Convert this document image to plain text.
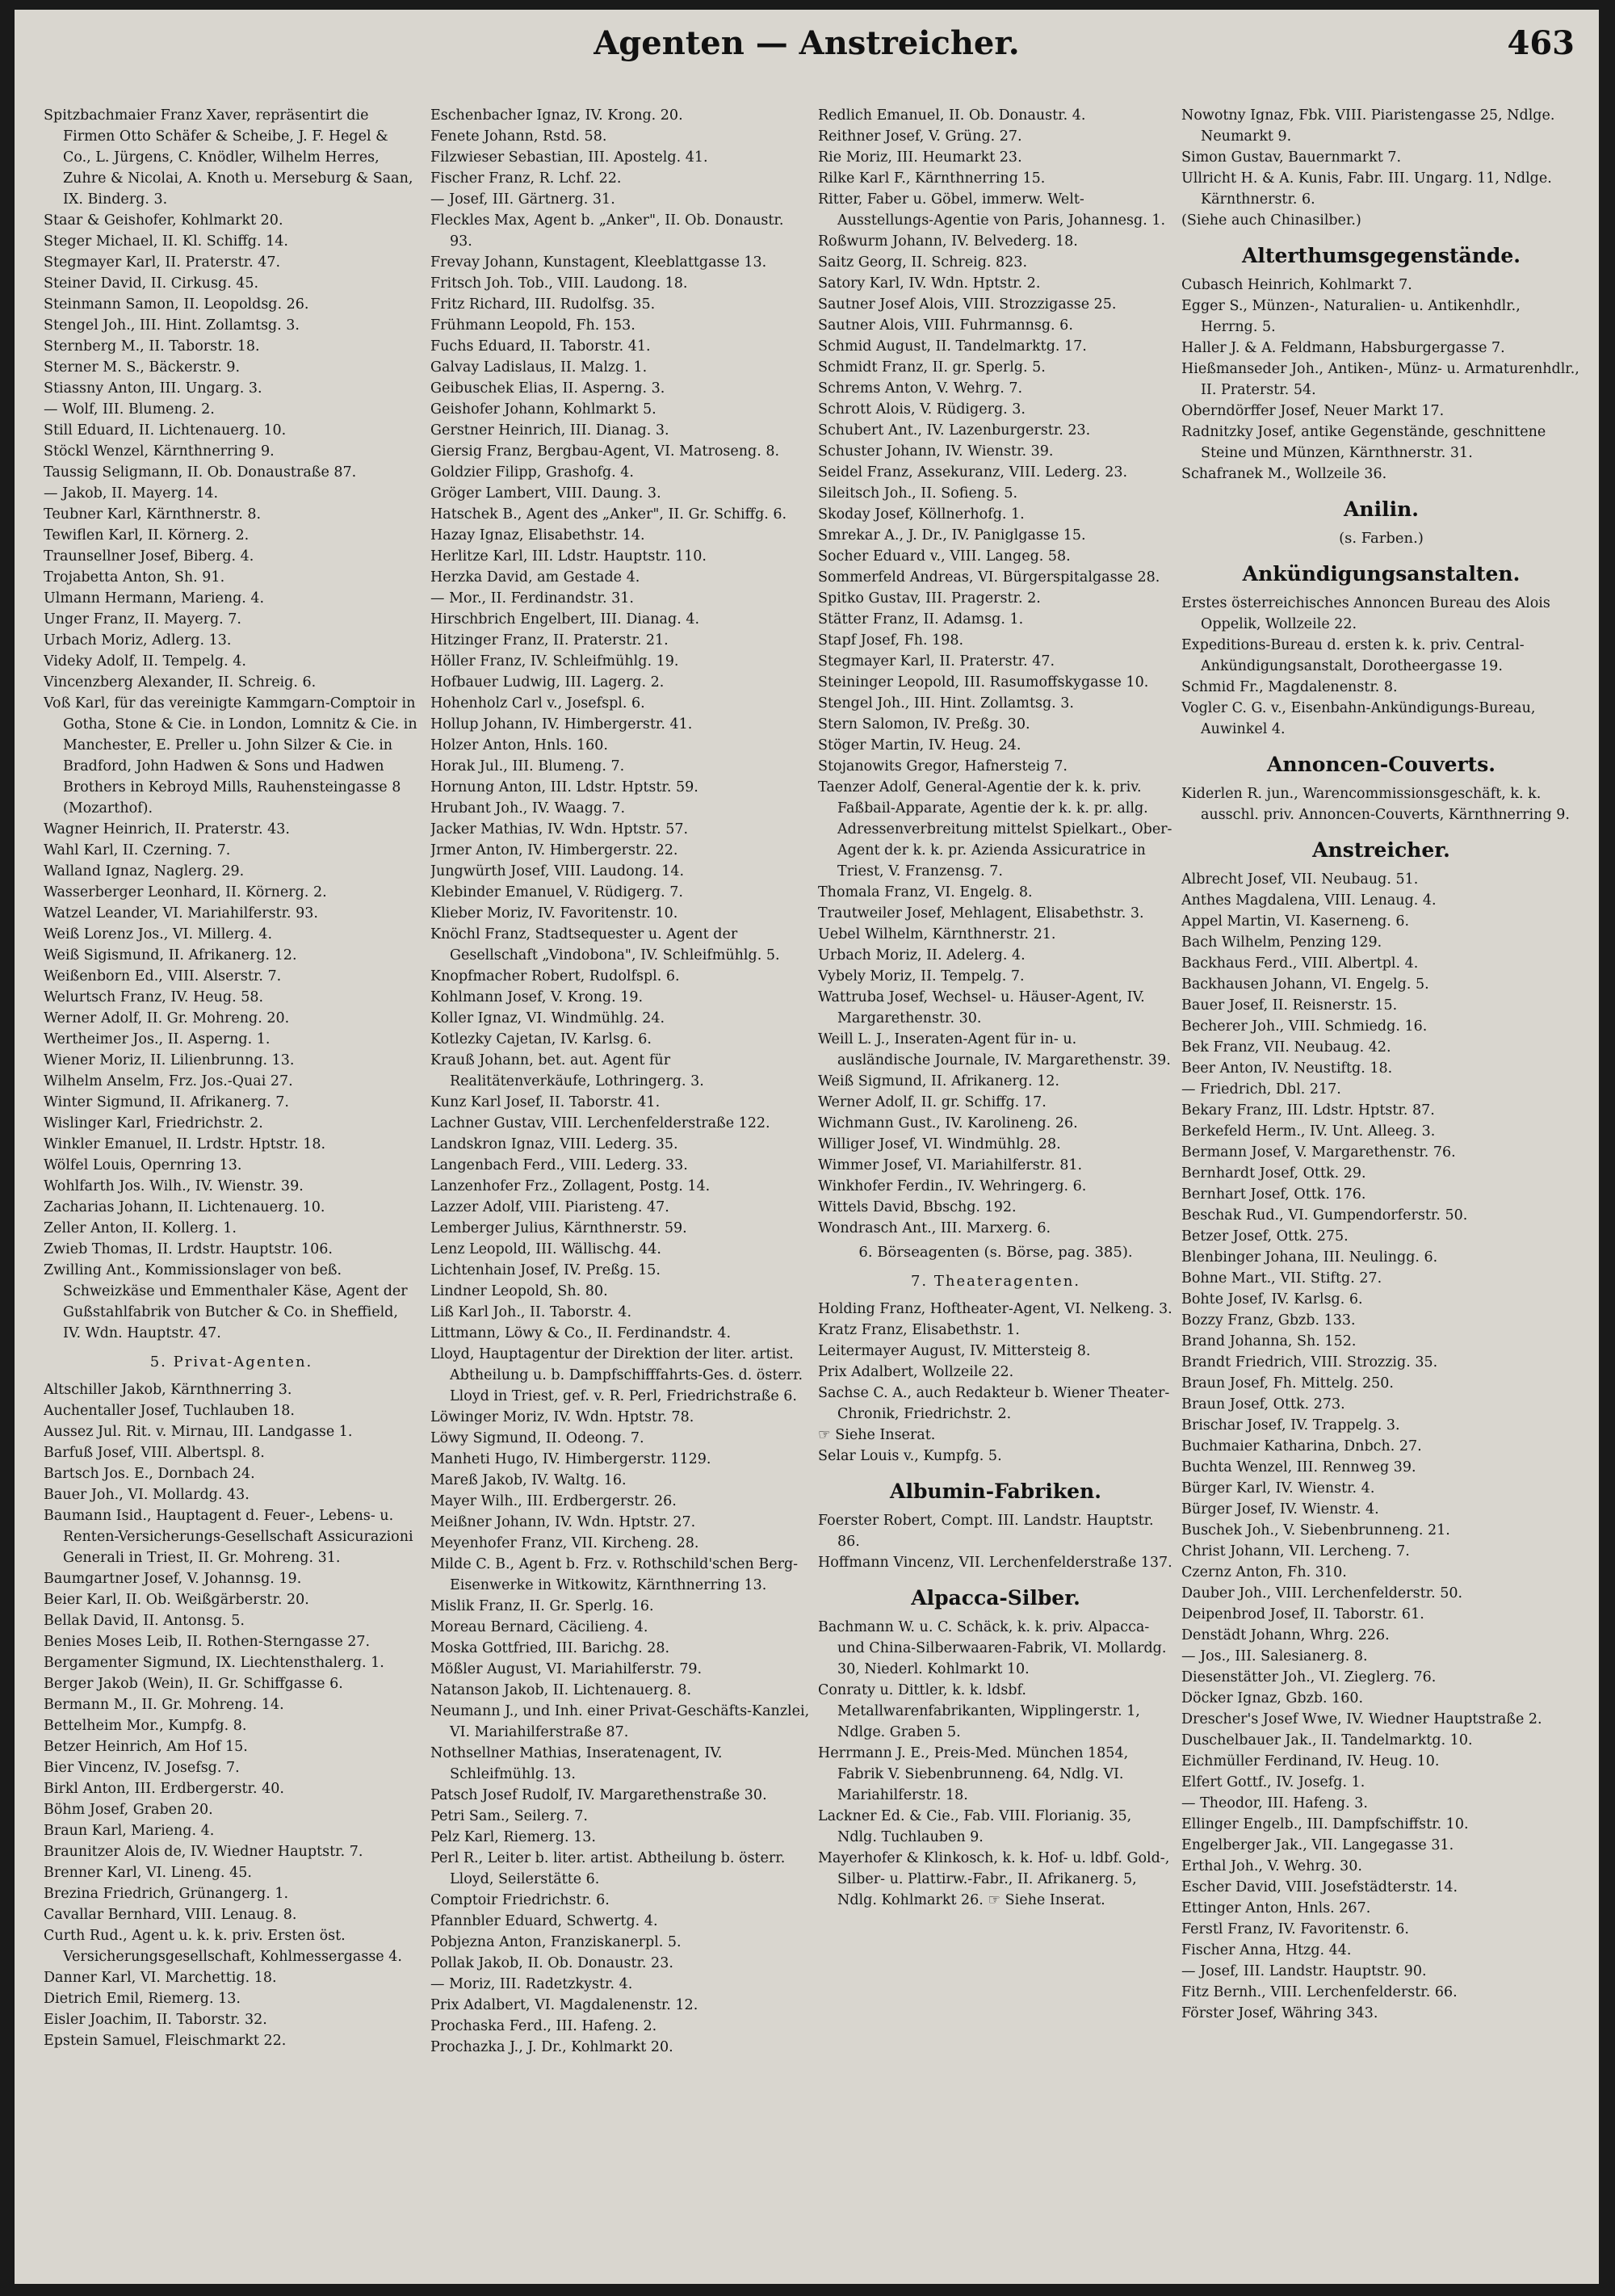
Agenten — Anstreicher.	463
Spitzbachmaier Franz Xaver, repräsentirt die Firmen Otto Schäfer & Scheibe, J. F. Hegel & Co., L. Jürgens, C. Knödler, Wilhelm Herres, Zuhre & Nicolai, A. Knoth u. Merseburg & Saan, IX. Binderg. 3.
Staar & Geishofer, Kohlmarkt 20.
Steger Michael, II. Kl. Schiffg. 14.
Stegmayer Karl, II. Praterstr. 47.
Steiner David, II. Cirkusg. 45.
Steinmann Samon, II. Leopoldsg. 26.
Stengel Joh., III. Hint. Zollamtsg. 3.
Sternberg M., II. Taborstr. 18.
Sterner M. S., Bäckerstr. 9.
Stiassny Anton, III. Ungarg. 3.
— Wolf, III. Blumeng. 2.
Still Eduard, II. Lichtenauerg. 10.
Stöckl Wenzel, Kärnthnerring 9.
Taussig Seligmann, II. Ob. Donaustraße 87.
— Jakob, II. Mayerg. 14.
Teubner Karl, Kärnthnerstr. 8.
Tewiflen Karl, II. Körnerg. 2.
Traunsellner Josef, Biberg. 4.
Trojabetta Anton, Sh. 91.
Ulmann Hermann, Marieng. 4.
Unger Franz, II. Mayerg. 7.
Urbach Moriz, Adlerg. 13.
Videky Adolf, II. Tempelg. 4.
Vincenzberg Alexander, II. Schreig. 6.
Voß Karl, für das vereinigte Kammgarn-Comptoir in Gotha, Stone & Cie. in London, Lomnitz & Cie. in Manchester, E. Preller u. John Silzer & Cie. in Bradford, John Hadwen & Sons und Hadwen Brothers in Kebroyd Mills, Rauhensteingasse 8 (Mozarthof).
Wagner Heinrich, II. Praterstr. 43.
Wahl Karl, II. Czerning. 7.
Walland Ignaz, Naglerg. 29.
Wasserberger Leonhard, II. Körnerg. 2.
Watzel Leander, VI. Mariahilferstr. 93.
Weiß Lorenz Jos., VI. Millerg. 4.
Weiß Sigismund, II. Afrikanerg. 12.
Weißenborn Ed., VIII. Alserstr. 7.
Welurtsch Franz, IV. Heug. 58.
Werner Adolf, II. Gr. Mohreng. 20.
Wertheimer Jos., II. Asperng. 1.
Wiener Moriz, II. Lilienbrunng. 13.
Wilhelm Anselm, Frz. Jos.-Quai 27.
Winter Sigmund, II. Afrikanerg. 7.
Wislinger Karl, Friedrichstr. 2.
Winkler Emanuel, II. Lrdstr. Hptstr. 18.
Wölfel Louis, Opernring 13.
Wohlfarth Jos. Wilh., IV. Wienstr. 39.
Zacharias Johann, II. Lichtenauerg. 10.
Zeller Anton, II. Kollerg. 1.
Zwieb Thomas, II. Lrdstr. Hauptstr. 106.
Zwilling Ant., Kommissionslager von beß. Schweizkäse und Emmenthaler Käse, Agent der Gußstahlfabrik von Butcher & Co. in Sheffield, IV. Wdn. Hauptstr. 47.
5. Privat-Agenten.
Altschiller Jakob, Kärnthnerring 3.
Auchentaller Josef, Tuchlauben 18.
Aussez Jul. Rit. v. Mirnau, III. Landgasse 1.
Barfuß Josef, VIII. Albertspl. 8.
Bartsch Jos. E., Dornbach 24.
Bauer Joh., VI. Mollardg. 43.
Baumann Isid., Hauptagent d. Feuer-, Lebens- u. Renten-Versicherungs-Gesellschaft Assicurazioni Generali in Triest, II. Gr. Mohreng. 31.
Baumgartner Josef, V. Johannsg. 19.
Beier Karl, II. Ob. Weißgärberstr. 20.
Bellak David, II. Antonsg. 5.
Benies Moses Leib, II. Rothen-Sterngasse 27.
Bergamenter Sigmund, IX. Liechtensthalerg. 1.
Berger Jakob (Wein), II. Gr. Schiffgasse 6.
Bermann M., II. Gr. Mohreng. 14.
Bettelheim Mor., Kumpfg. 8.
Betzer Heinrich, Am Hof 15.
Bier Vincenz, IV. Josefsg. 7.
Birkl Anton, III. Erdbergerstr. 40.
Böhm Josef, Graben 20.
Braun Karl, Marieng. 4.
Braunitzer Alois de, IV. Wiedner Hauptstr. 7.
Brenner Karl, VI. Lineng. 45.
Brezina Friedrich, Grünangerg. 1.
Cavallar Bernhard, VIII. Lenaug. 8.
Curth Rud., Agent u. k. k. priv. Ersten öst. Versicherungsgesellschaft, Kohlmessergasse 4.
Danner Karl, VI. Marchettig. 18.
Dietrich Emil, Riemerg. 13.
Eisler Joachim, II. Taborstr. 32.
Epstein Samuel, Fleischmarkt 22.
Eschenbacher Ignaz, IV. Krong. 20.
Fenete Johann, Rstd. 58.
Filzwieser Sebastian, III. Apostelg. 41.
Fischer Franz, R. Lchf. 22.
— Josef, III. Gärtnerg. 31.
Fleckles Max, Agent b. „Anker", II. Ob. Donaustr. 93.
Frevay Johann, Kunstagent, Kleeblattgasse 13.
Fritsch Joh. Tob., VIII. Laudong. 18.
Fritz Richard, III. Rudolfsg. 35.
Frühmann Leopold, Fh. 153.
Fuchs Eduard, II. Taborstr. 41.
Galvay Ladislaus, II. Malzg. 1.
Geibuschek Elias, II. Asperng. 3.
Geishofer Johann, Kohlmarkt 5.
Gerstner Heinrich, III. Dianag. 3.
Giersig Franz, Bergbau-Agent, VI. Matroseng. 8.
Goldzier Filipp, Grashofg. 4.
Gröger Lambert, VIII. Daung. 3.
Hatschek B., Agent des „Anker", II. Gr. Schiffg. 6.
Hazay Ignaz, Elisabethstr. 14.
Herlitze Karl, III. Ldstr. Hauptstr. 110.
Herzka David, am Gestade 4.
— Mor., II. Ferdinandstr. 31.
Hirschbrich Engelbert, III. Dianag. 4.
Hitzinger Franz, II. Praterstr. 21.
Höller Franz, IV. Schleifmühlg. 19.
Hofbauer Ludwig, III. Lagerg. 2.
Hohenholz Carl v., Josefspl. 6.
Hollup Johann, IV. Himbergerstr. 41.
Holzer Anton, Hnls. 160.
Horak Jul., III. Blumeng. 7.
Hornung Anton, III. Ldstr. Hptstr. 59.
Hrubant Joh., IV. Waagg. 7.
Jacker Mathias, IV. Wdn. Hptstr. 57.
Jrmer Anton, IV. Himbergerstr. 22.
Jungwürth Josef, VIII. Laudong. 14.
Klebinder Emanuel, V. Rüdigerg. 7.
Klieber Moriz, IV. Favoritenstr. 10.
Knöchl Franz, Stadtsequester u. Agent der Gesellschaft „Vindobona", IV. Schleifmühlg. 5.
Knopfmacher Robert, Rudolfspl. 6.
Kohlmann Josef, V. Krong. 19.
Koller Ignaz, VI. Windmühlg. 24.
Kotlezky Cajetan, IV. Karlsg. 6.
Krauß Johann, bet. aut. Agent für Realitätenverkäufe, Lothringerg. 3.
Kunz Karl Josef, II. Taborstr. 41.
Lachner Gustav, VIII. Lerchenfelderstraße 122.
Landskron Ignaz, VIII. Lederg. 35.
Langenbach Ferd., VIII. Lederg. 33.
Lanzenhofer Frz., Zollagent, Postg. 14.
Lazzer Adolf, VIII. Piaristeng. 47.
Lemberger Julius, Kärnthnerstr. 59.
Lenz Leopold, III. Wällischg. 44.
Lichtenhain Josef, IV. Preßg. 15.
Lindner Leopold, Sh. 80.
Liß Karl Joh., II. Taborstr. 4.
Littmann, Löwy & Co., II. Ferdinandstr. 4.
Lloyd, Hauptagentur der Direktion der liter. artist. Abtheilung u. b. Dampfschifffahrts-Ges. d. österr. Lloyd in Triest, gef. v. R. Perl, Friedrichstraße 6.
Löwinger Moriz, IV. Wdn. Hptstr. 78.
Löwy Sigmund, II. Odeong. 7.
Manheti Hugo, IV. Himbergerstr. 1129.
Mareß Jakob, IV. Waltg. 16.
Mayer Wilh., III. Erdbergerstr. 26.
Meißner Johann, IV. Wdn. Hptstr. 27.
Meyenhofer Franz, VII. Kircheng. 28.
Milde C. B., Agent b. Frz. v. Rothschild'schen Berg-Eisenwerke in Witkowitz, Kärnthnerring 13.
Mislik Franz, II. Gr. Sperlg. 16.
Moreau Bernard, Cäcilieng. 4.
Moska Gottfried, III. Barichg. 28.
Mößler August, VI. Mariahilferstr. 79.
Natanson Jakob, II. Lichtenauerg. 8.
Neumann J., und Inh. einer Privat-Geschäfts-Kanzlei, VI. Mariahilferstraße 87.
Nothsellner Mathias, Inseratenagent, IV. Schleifmühlg. 13.
Patsch Josef Rudolf, IV. Margarethenstraße 30.
Petri Sam., Seilerg. 7.
Pelz Karl, Riemerg. 13.
Perl R., Leiter b. liter. artist. Abtheilung b. österr. Lloyd, Seilerstätte 6.
Comptoir Friedrichstr. 6.
Pfannbler Eduard, Schwertg. 4.
Pobjezna Anton, Franziskanerpl. 5.
Pollak Jakob, II. Ob. Donaustr. 23.
— Moriz, III. Radetzkystr. 4.
Prix Adalbert, VI. Magdalenenstr. 12.
Prochaska Ferd., III. Hafeng. 2.
Prochazka J., J. Dr., Kohlmarkt 20.
Redlich Emanuel, II. Ob. Donaustr. 4.
Reithner Josef, V. Grüng. 27.
Rie Moriz, III. Heumarkt 23.
Rilke Karl F., Kärnthnerring 15.
Ritter, Faber u. Göbel, immerw. Welt-Ausstellungs-Agentie von Paris, Johannesg. 1.
Roßwurm Johann, IV. Belvederg. 18.
Saitz Georg, II. Schreig. 823.
Satory Karl, IV. Wdn. Hptstr. 2.
Sautner Josef Alois, VIII. Strozzigasse 25.
Sautner Alois, VIII. Fuhrmannsg. 6.
Schmid August, II. Tandelmarktg. 17.
Schmidt Franz, II. gr. Sperlg. 5.
Schrems Anton, V. Wehrg. 7.
Schrott Alois, V. Rüdigerg. 3.
Schubert Ant., IV. Lazenburgerstr. 23.
Schuster Johann, IV. Wienstr. 39.
Seidel Franz, Assekuranz, VIII. Lederg. 23.
Sileitsch Joh., II. Sofieng. 5.
Skoday Josef, Köllnerhofg. 1.
Smrekar A., J. Dr., IV. Paniglgasse 15.
Socher Eduard v., VIII. Langeg. 58.
Sommerfeld Andreas, VI. Bürgerspitalgasse 28.
Spitko Gustav, III. Pragerstr. 2.
Stätter Franz, II. Adamsg. 1.
Stapf Josef, Fh. 198.
Stegmayer Karl, II. Praterstr. 47.
Steininger Leopold, III. Rasumoffskygasse 10.
Stengel Joh., III. Hint. Zollamtsg. 3.
Stern Salomon, IV. Preßg. 30.
Stöger Martin, IV. Heug. 24.
Stojanowits Gregor, Hafnersteig 7.
Taenzer Adolf, General-Agentie der k. k. priv. Faßbail-Apparate, Agentie der k. k. pr. allg. Adressenverbreitung mittelst Spielkart., Ober-Agent der k. k. pr. Azienda Assicuratrice in Triest, V. Franzensg. 7.
Thomala Franz, VI. Engelg. 8.
Trautweiler Josef, Mehlagent, Elisabethstr. 3.
Uebel Wilhelm, Kärnthnerstr. 21.
Urbach Moriz, II. Adelerg. 4.
Vybely Moriz, II. Tempelg. 7.
Wattruba Josef, Wechsel- u. Häuser-Agent, IV. Margarethenstr. 30.
Weill L. J., Inseraten-Agent für in- u. ausländische Journale, IV. Margarethenstr. 39.
Weiß Sigmund, II. Afrikanerg. 12.
Werner Adolf, II. gr. Schiffg. 17.
Wichmann Gust., IV. Karolineng. 26.
Williger Josef, VI. Windmühlg. 28.
Wimmer Josef, VI. Mariahilferstr. 81.
Winkhofer Ferdin., IV. Wehringerg. 6.
Wittels David, Bbschg. 192.
Wondrasch Ant., III. Marxerg. 6.
6. Börseagenten (s. Börse, pag. 385).
7. Theateragenten.
Holding Franz, Hoftheater-Agent, VI. Nelkeng. 3.
Kratz Franz, Elisabethstr. 1.
Leitermayer August, IV. Mittersteig 8.
Prix Adalbert, Wollzeile 22.
Sachse C. A., auch Redakteur b. Wiener Theater-Chronik, Friedrichstr. 2.
☞ Siehe Inserat.
Selar Louis v., Kumpfg. 5.
Albumin-Fabriken.
Foerster Robert, Compt. III. Landstr. Hauptstr. 86.
Hoffmann Vincenz, VII. Lerchenfelderstraße 137.
Alpacca-Silber.
Bachmann W. u. C. Schäck, k. k. priv. Alpacca- und China-Silberwaaren-Fabrik, VI. Mollardg. 30, Niederl. Kohlmarkt 10.
Conraty u. Dittler, k. k. ldsbf. Metallwarenfabrikanten, Wipplingerstr. 1, Ndlge. Graben 5.
Herrmann J. E., Preis-Med. München 1854, Fabrik V. Siebenbrunneng. 64, Ndlg. VI. Mariahilferstr. 18.
Lackner Ed. & Cie., Fab. VIII. Florianig. 35, Ndlg. Tuchlauben 9.
Mayerhofer & Klinkosch, k. k. Hof- u. ldbf. Gold-, Silber- u. Plattirw.-Fabr., II. Afrikanerg. 5, Ndlg. Kohlmarkt 26. ☞ Siehe Inserat.
Nowotny Ignaz, Fbk. VIII. Piaristengasse 25, Ndlge. Neumarkt 9.
Simon Gustav, Bauernmarkt 7.
Ullricht H. & A. Kunis, Fabr. III. Ungarg. 11, Ndlge. Kärnthnerstr. 6.
(Siehe auch Chinasilber.)
Alterthumsgegenstände.
Cubasch Heinrich, Kohlmarkt 7.
Egger S., Münzen-, Naturalien- u. Antikenhdlr., Herrng. 5.
Haller J. & A. Feldmann, Habsburgergasse 7.
Hießmanseder Joh., Antiken-, Münz- u. Armaturenhdlr., II. Praterstr. 54.
Oberndörffer Josef, Neuer Markt 17.
Radnitzky Josef, antike Gegenstände, geschnittene Steine und Münzen, Kärnthnerstr. 31.
Schafranek M., Wollzeile 36.
Anilin.
(s. Farben.)
Ankündigungsanstalten.
Erstes österreichisches Annoncen Bureau des Alois Oppelik, Wollzeile 22.
Expeditions-Bureau d. ersten k. k. priv. Central-Ankündigungsanstalt, Dorotheergasse 19.
Schmid Fr., Magdalenenstr. 8.
Vogler C. G. v., Eisenbahn-Ankündigungs-Bureau, Auwinkel 4.
Annoncen-Couverts.
Kiderlen R. jun., Warencommissionsgeschäft, k. k. ausschl. priv. Annoncen-Couverts, Kärnthnerring 9.
Anstreicher.
Albrecht Josef, VII. Neubaug. 51.
Anthes Magdalena, VIII. Lenaug. 4.
Appel Martin, VI. Kaserneng. 6.
Bach Wilhelm, Penzing 129.
Backhaus Ferd., VIII. Albertpl. 4.
Backhausen Johann, VI. Engelg. 5.
Bauer Josef, II. Reisnerstr. 15.
Becherer Joh., VIII. Schmiedg. 16.
Bek Franz, VII. Neubaug. 42.
Beer Anton, IV. Neustiftg. 18.
— Friedrich, Dbl. 217.
Bekary Franz, III. Ldstr. Hptstr. 87.
Berkefeld Herm., IV. Unt. Alleeg. 3.
Bermann Josef, V. Margarethenstr. 76.
Bernhardt Josef, Ottk. 29.
Bernhart Josef, Ottk. 176.
Beschak Rud., VI. Gumpendorferstr. 50.
Betzer Josef, Ottk. 275.
Blenbinger Johana, III. Neulingg. 6.
Bohne Mart., VII. Stiftg. 27.
Bohte Josef, IV. Karlsg. 6.
Bozzy Franz, Gbzb. 133.
Brand Johanna, Sh. 152.
Brandt Friedrich, VIII. Strozzig. 35.
Braun Josef, Fh. Mittelg. 250.
Braun Josef, Ottk. 273.
Brischar Josef, IV. Trappelg. 3.
Buchmaier Katharina, Dnbch. 27.
Buchta Wenzel, III. Rennweg 39.
Bürger Karl, IV. Wienstr. 4.
Bürger Josef, IV. Wienstr. 4.
Buschek Joh., V. Siebenbrunneng. 21.
Christ Johann, VII. Lercheng. 7.
Czernz Anton, Fh. 310.
Dauber Joh., VIII. Lerchenfelderstr. 50.
Deipenbrod Josef, II. Taborstr. 61.
Denstädt Johann, Whrg. 226.
— Jos., III. Salesianerg. 8.
Diesenstätter Joh., VI. Zieglerg. 76.
Döcker Ignaz, Gbzb. 160.
Drescher's Josef Wwe, IV. Wiedner Hauptstraße 2.
Duschelbauer Jak., II. Tandelmarktg. 10.
Eichmüller Ferdinand, IV. Heug. 10.
Elfert Gottf., IV. Josefg. 1.
— Theodor, III. Hafeng. 3.
Ellinger Engelb., III. Dampfschiffstr. 10.
Engelberger Jak., VII. Langegasse 31.
Erthal Joh., V. Wehrg. 30.
Escher David, VIII. Josefstädterstr. 14.
Ettinger Anton, Hnls. 267.
Ferstl Franz, IV. Favoritenstr. 6.
Fischer Anna, Htzg. 44.
— Josef, III. Landstr. Hauptstr. 90.
Fitz Bernh., VIII. Lerchenfelderstr. 66.
Förster Josef, Währing 343.
